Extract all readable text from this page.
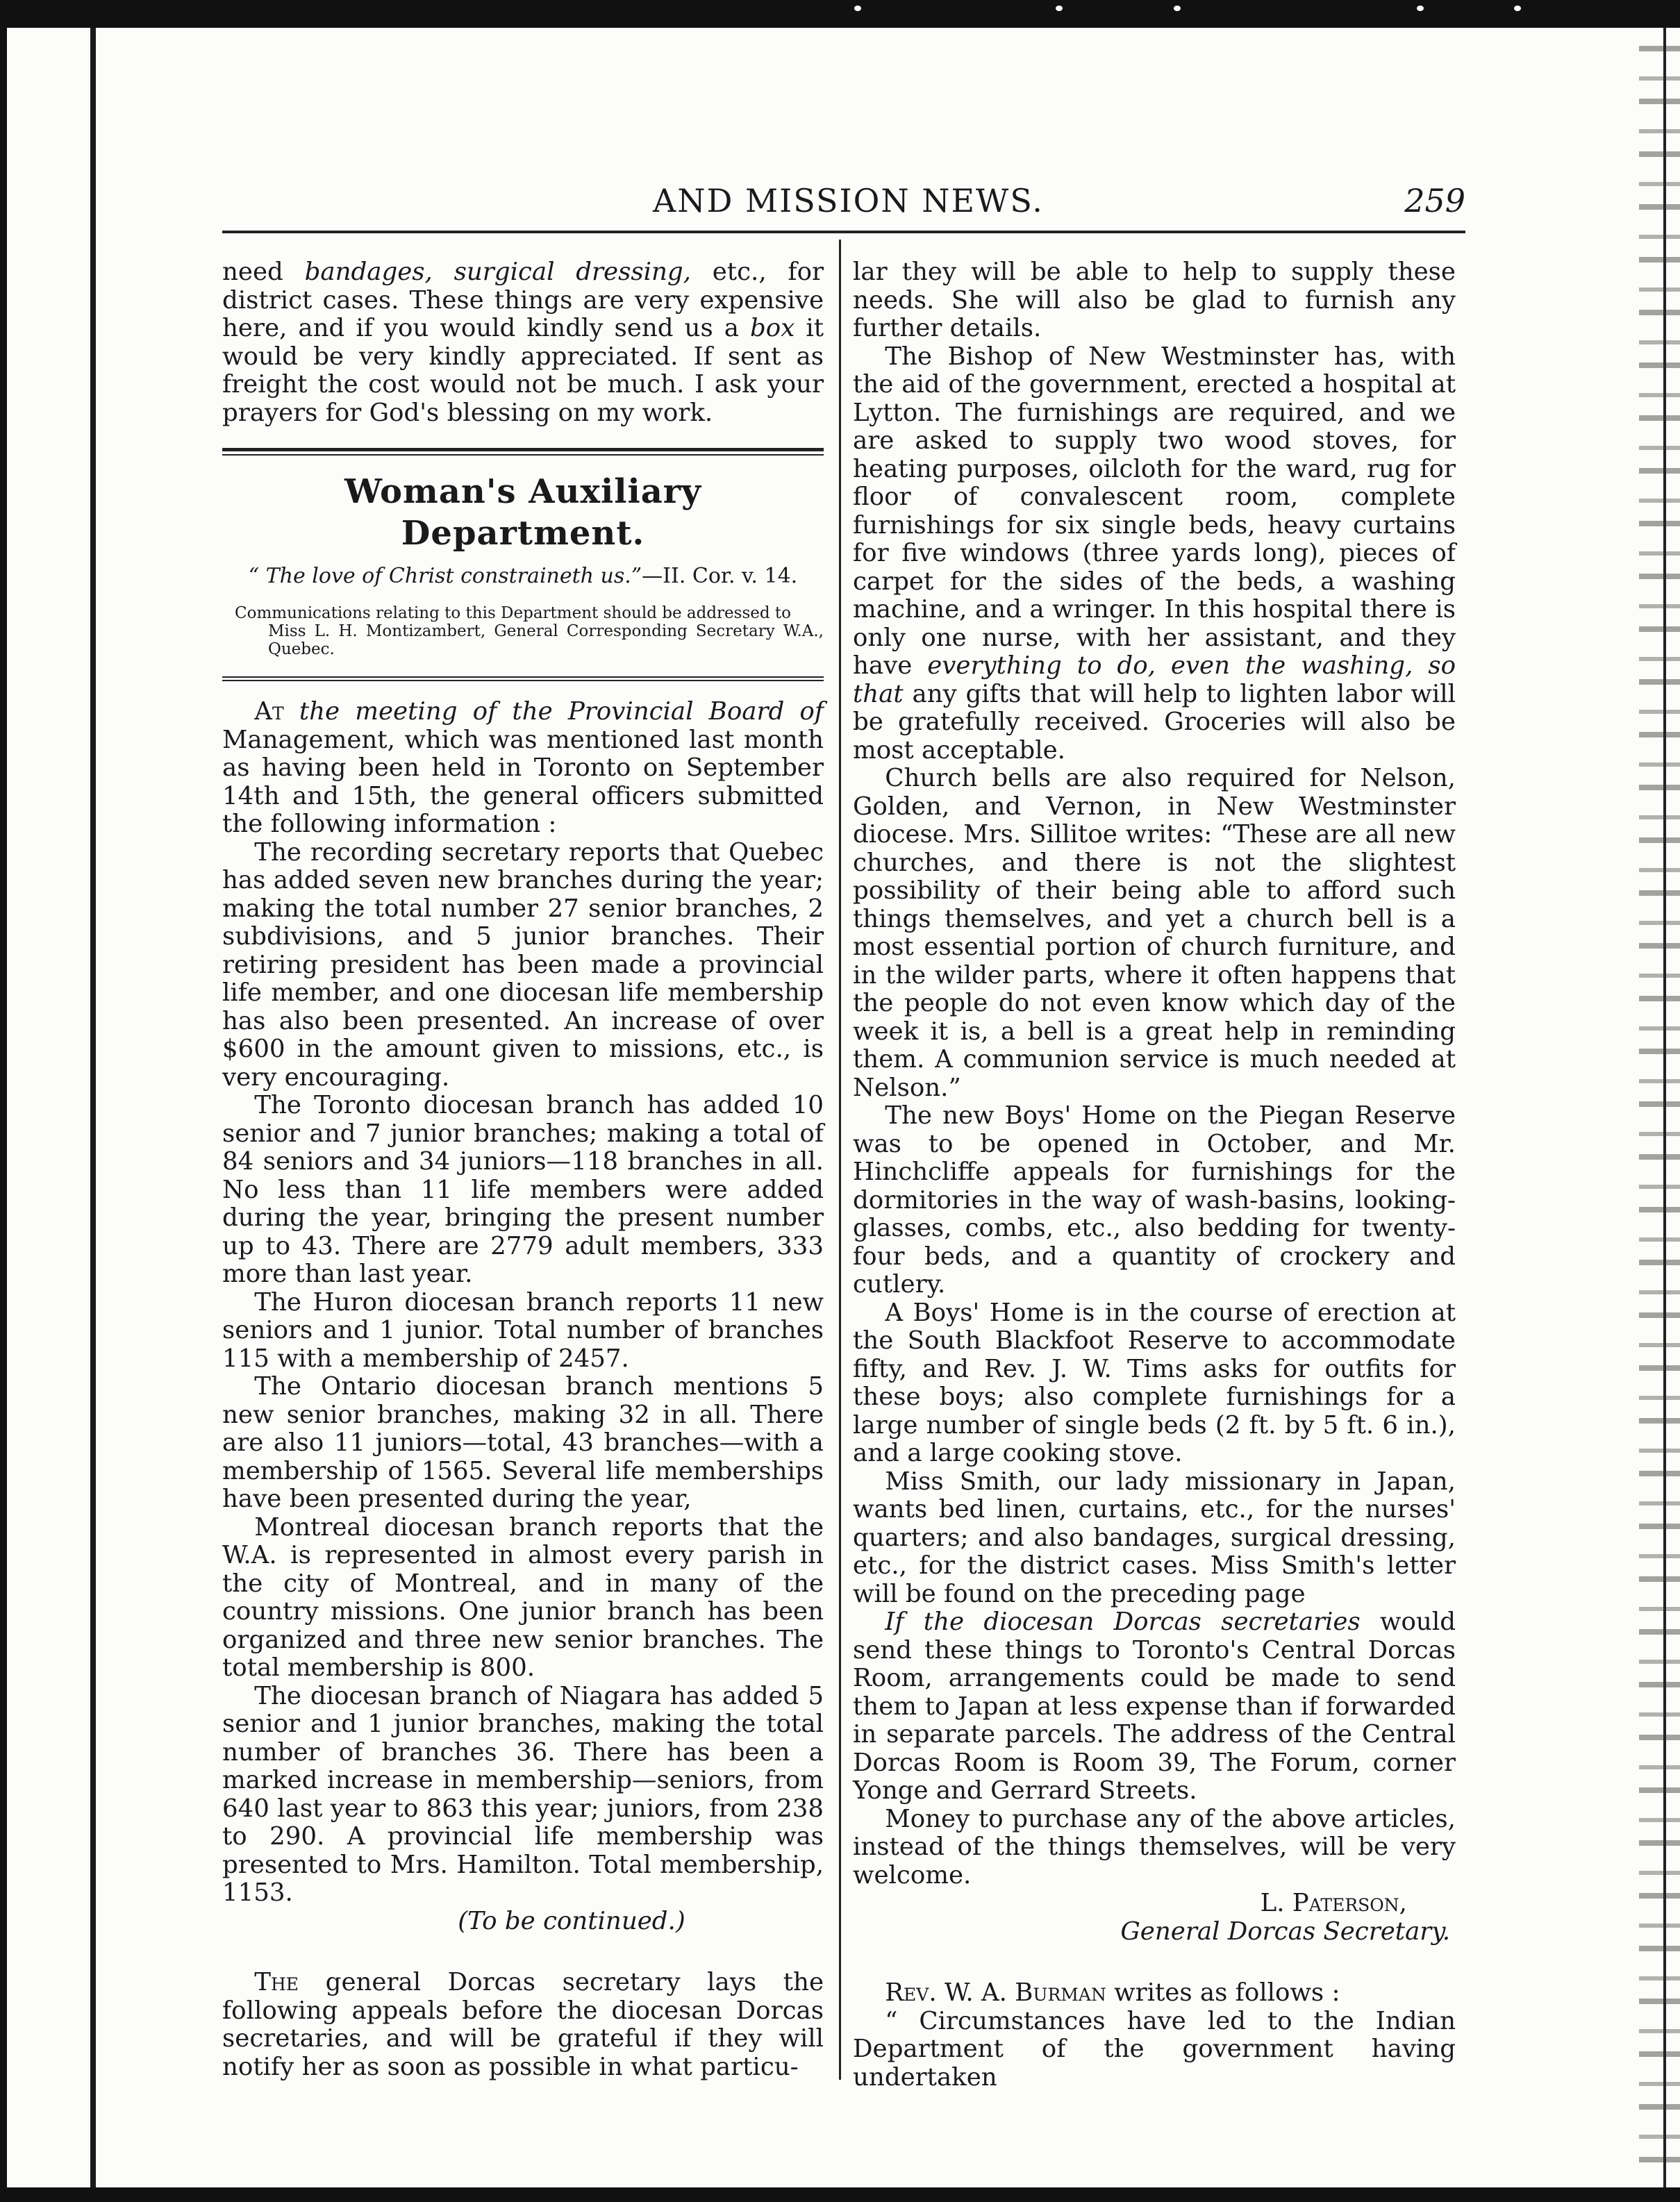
AND MISSION NEWS.	259

need bandages, surgical dressing, etc., for district cases. These things are very expensive here, and if you would kindly send us a box it would be very kindly appreciated. If sent as freight the cost would not be much. I ask your prayers for God's blessing on my work.

Woman's Auxiliary Department.
“ The love of Christ constraineth us.”—II. Cor. v. 14.
Communications relating to this Department should be addressed to
Miss L. H. Montizambert, General Corresponding Secretary W.A., Quebec.

At the meeting of the Provincial Board of Management, which was mentioned last month as having been held in Toronto on September 14th and 15th, the general officers submitted the following information :

The recording secretary reports that Quebec has added seven new branches during the year; making the total number 27 senior branches, 2 subdivisions, and 5 junior branches. Their retiring president has been made a provincial life member, and one diocesan life membership has also been presented. An increase of over $600 in the amount given to missions, etc., is very encouraging.

The Toronto diocesan branch has added 10 senior and 7 junior branches; making a total of 84 seniors and 34 juniors—118 branches in all. No less than 11 life members were added during the year, bringing the present number up to 43. There are 2779 adult members, 333 more than last year.

The Huron diocesan branch reports 11 new seniors and 1 junior. Total number of branches 115 with a membership of 2457.

The Ontario diocesan branch mentions 5 new senior branches, making 32 in all. There are also 11 juniors—total, 43 branches—with a membership of 1565. Several life memberships have been presented during the year,

Montreal diocesan branch reports that the W.A. is represented in almost every parish in the city of Montreal, and in many of the country missions. One junior branch has been organized and three new senior branches. The total membership is 800.

The diocesan branch of Niagara has added 5 senior and 1 junior branches, making the total number of branches 36. There has been a marked increase in membership—seniors, from 640 last year to 863 this year; juniors, from 238 to 290. A provincial life membership was presented to Mrs. Hamilton. Total membership, 1153.

(To be continued.)

The general Dorcas secretary lays the following appeals before the diocesan Dorcas secretaries, and will be grateful if they will notify her as soon as possible in what particu-

lar they will be able to help to supply these needs. She will also be glad to furnish any further details.

The Bishop of New Westminster has, with the aid of the government, erected a hospital at Lytton. The furnishings are required, and we are asked to supply two wood stoves, for heating purposes, oilcloth for the ward, rug for floor of convalescent room, complete furnishings for six single beds, heavy curtains for five windows (three yards long), pieces of carpet for the sides of the beds, a washing machine, and a wringer. In this hospital there is only one nurse, with her assistant, and they have everything to do, even the washing, so that any gifts that will help to lighten labor will be gratefully received. Groceries will also be most acceptable.

Church bells are also required for Nelson, Golden, and Vernon, in New Westminster diocese. Mrs. Sillitoe writes: “These are all new churches, and there is not the slightest possibility of their being able to afford such things themselves, and yet a church bell is a most essential portion of church furniture, and in the wilder parts, where it often happens that the people do not even know which day of the week it is, a bell is a great help in reminding them. A communion service is much needed at Nelson.”

The new Boys' Home on the Piegan Reserve was to be opened in October, and Mr. Hinchcliffe appeals for furnishings for the dormitories in the way of wash-basins, looking-glasses, combs, etc., also bedding for twenty-four beds, and a quantity of crockery and cutlery.

A Boys' Home is in the course of erection at the South Blackfoot Reserve to accommodate fifty, and Rev. J. W. Tims asks for outfits for these boys; also complete furnishings for a large number of single beds (2 ft. by 5 ft. 6 in.), and a large cooking stove.

Miss Smith, our lady missionary in Japan, wants bed linen, curtains, etc., for the nurses' quarters; and also bandages, surgical dressing, etc., for the district cases. Miss Smith's letter will be found on the preceding page

If the diocesan Dorcas secretaries would send these things to Toronto's Central Dorcas Room, arrangements could be made to send them to Japan at less expense than if forwarded in separate parcels. The address of the Central Dorcas Room is Room 39, The Forum, corner Yonge and Gerrard Streets.

Money to purchase any of the above articles, instead of the things themselves, will be very welcome.

L. Paterson,

General Dorcas Secretary.

Rev. W. A. Burman writes as follows :

“ Circumstances have led to the Indian Department of the government having undertaken
